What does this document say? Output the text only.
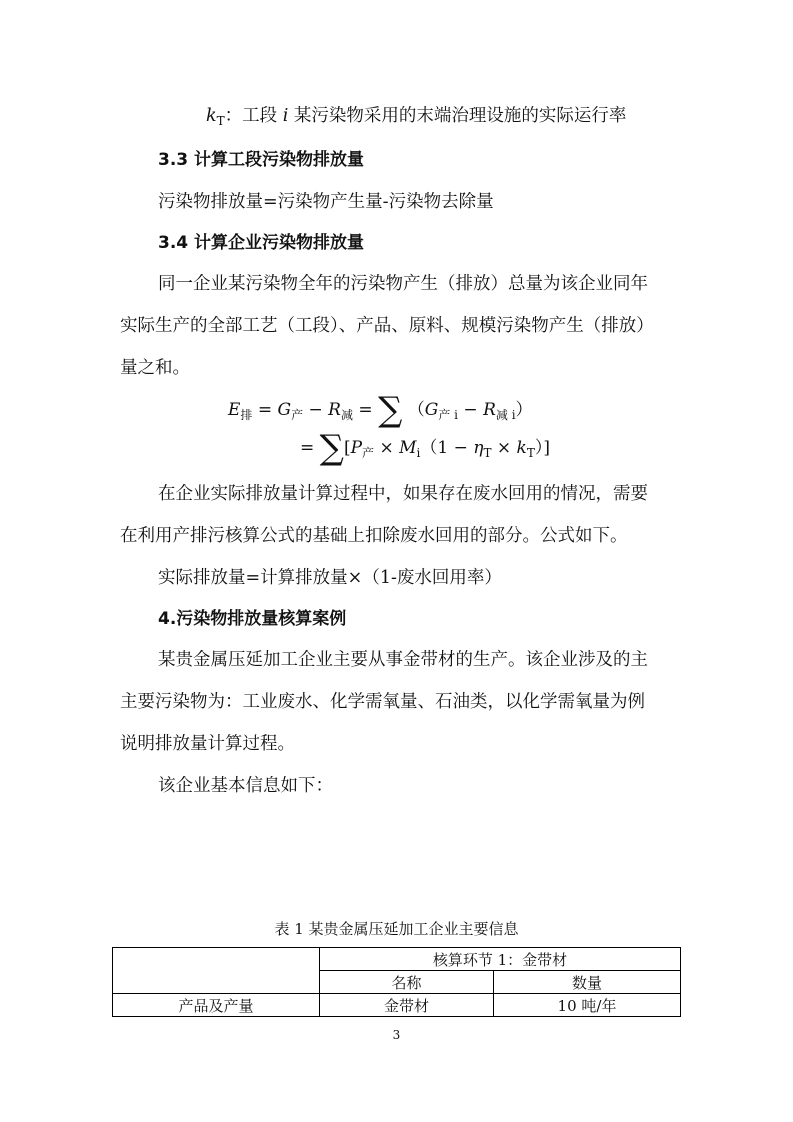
$k_T$：工段 i 某污染物采用的末端治理设施的实际运行率
3.3 计算工段污染物排放量
污染物排放量=污染物产生量-污染物去除量
3.4 计算企业污染物排放量
同一企业某污染物全年的污染物产生（排放）总量为该企业同年
实际生产的全部工艺（工段）、产品、原料、规模污染物产生（排放）
量之和。
$E_排 = G_产 - R_减$ = ∑ $(G_{产 i} - R_{减 i})$
= $\sum[P_产 \times M_i(1 - \eta_T \times k_T)]$
在企业实际排放量计算过程中，如果存在废水回用的情况，需要
在利用产排污核算公式的基础上扣除废水回用的部分。公式如下。
实际排放量=计算排放量×（1-废水回用率）
4.污染物排放量核算案例
某贵金属压延加工企业主要从事金带材的生产。该企业涉及的主
主要污染物为：工业废水、化学需氧量、石油类，以化学需氧量为例
说明排放量计算过程。
该企业基本信息如下：
表 1 某贵金属压延加工企业主要信息
	核算环节 1：金带材	
	名称	数量
产品及产量	金带材	10 吨/年
3
